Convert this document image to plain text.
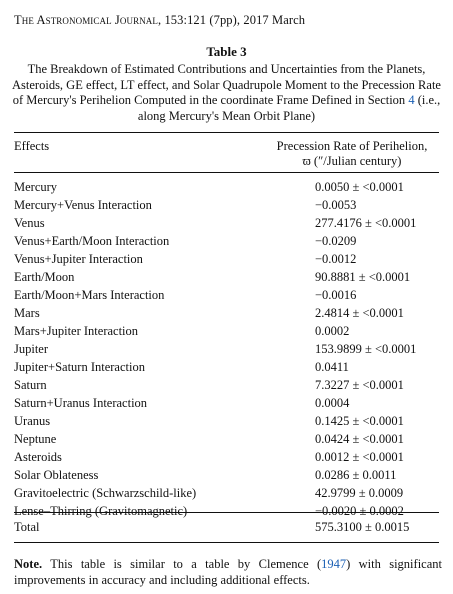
The Astronomical Journal, 153:121 (7pp), 2017 March
Table 3
The Breakdown of Estimated Contributions and Uncertainties from the Planets, Asteroids, GE effect, LT effect, and Solar Quadrupole Moment to the Precession Rate of Mercury's Perihelion Computed in the coordinate Frame Defined in Section 4 (i.e., along Mercury's Mean Orbit Plane)
Effects	Precession Rate of Perihelion,
ϖ (″/Julian century)
Mercury	0.0050 ± <0.0001
Mercury+Venus Interaction	−0.0053
Venus	277.4176 ± <0.0001
Venus+Earth/Moon Interaction	−0.0209
Venus+Jupiter Interaction	−0.0012
Earth/Moon	90.8881 ± <0.0001
Earth/Moon+Mars Interaction	−0.0016
Mars	2.4814 ± <0.0001
Mars+Jupiter Interaction	0.0002
Jupiter	153.9899 ± <0.0001
Jupiter+Saturn Interaction	0.0411
Saturn	7.3227 ± <0.0001
Saturn+Uranus Interaction	0.0004
Uranus	0.1425 ± <0.0001
Neptune	0.0424 ± <0.0001
Asteroids	0.0012 ± <0.0001
Solar Oblateness	0.0286 ± 0.0011
Gravitoelectric (Schwarzschild-like)	42.9799 ± 0.0009
Lense–Thirring (Gravitomagnetic)	−0.0020 ± 0.0002
Total	575.3100 ± 0.0015
Note. This table is similar to a table by Clemence (1947) with significant improvements in accuracy and including additional effects.
